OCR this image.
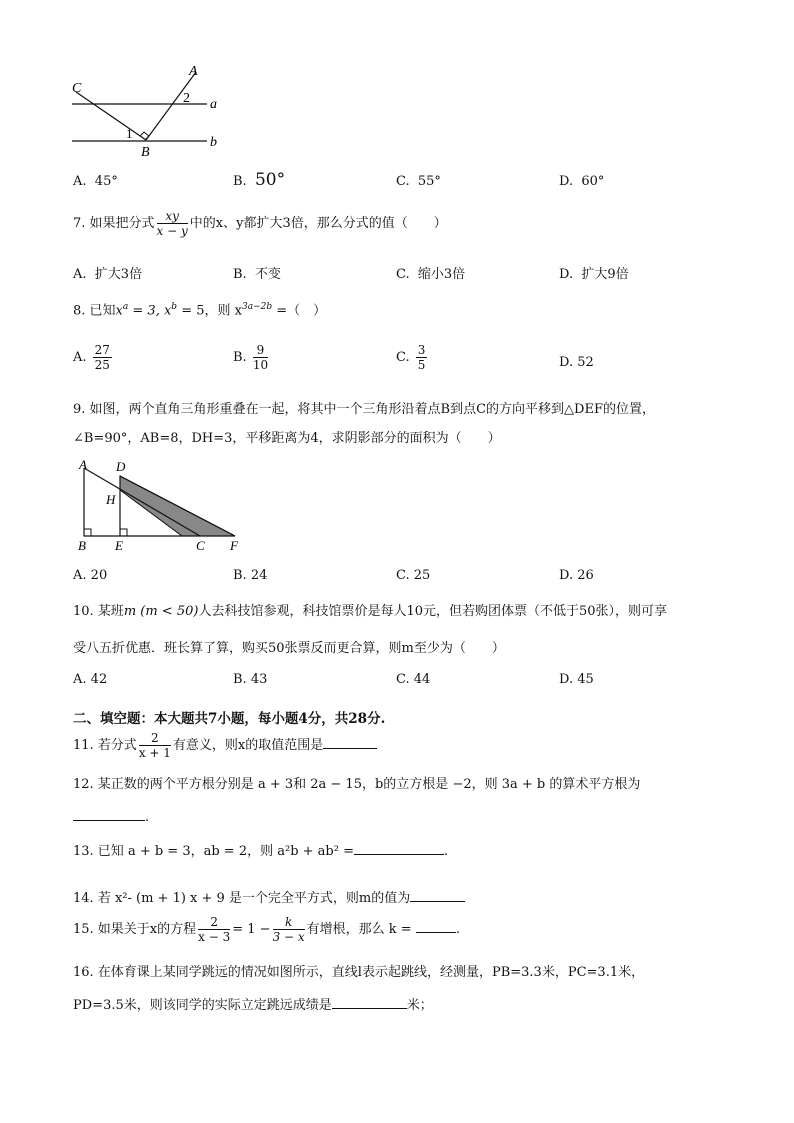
C
A
2 a
1
B
b
A. 45°	B. 50°	C. 55°	D. 60°
7. 如果把分式 $\frac{xy}{x - y}$ 中的x、y都扩大3倍，那么分式的值（　　）
A. 扩大3倍	B. 不变	C. 缩小3倍	D. 扩大9倍
8. 已知$x^a = 3$, $x^b = 5$，则 $x^{3a-2b}$ =（　）
A. $\frac{27}{25}$	B. $\frac{9}{10}$	C. $\frac{3}{5}$	D. 52
9. 如图，两个直角三角形重叠在一起，将其中一个三角形沿着点B到点C的方向平移到△DEF的位置，
∠B=90°，AB=8，DH=3，平移距离为4，求阴影部分的面积为（　　）
A D
H
B E	C F
A. 20	B. 24	C. 25	D. 26
10. 某班m (m < 50)人去科技馆参观，科技馆票价是每人10元，但若购团体票（不低于50张），则可享
受八五折优惠．班长算了算，购买50张票反而更合算，则m至少为（　　）
A. 42	B. 43	C. 44	D. 45
二、填空题：本大题共7小题，每小题4分，共28分.
11. 若分式 $\frac{2}{x + 1}$ 有意义，则x的取值范围是
12. 某正数的两个平方根分别是 a + 3和 2a − 15，b的立方根是 −2，则 3a + b 的算术平方根为
.
13. 已知 a + b = 3，ab = 2，则 a²b + ab² =	.
14. 若 x²- (m + 1) x + 9 是一个完全平方式，则m的值为
15. 如果关于x的方程 $\frac{2}{x - 3} = 1 - \frac{k}{3 - x}$ 有增根，那么 k =	.
16. 在体育课上某同学跳远的情况如图所示，直线l表示起跳线，经测量，PB=3.3米，PC=3.1米，
PD=3.5米，则该同学的实际立定跳远成绩是	米；
